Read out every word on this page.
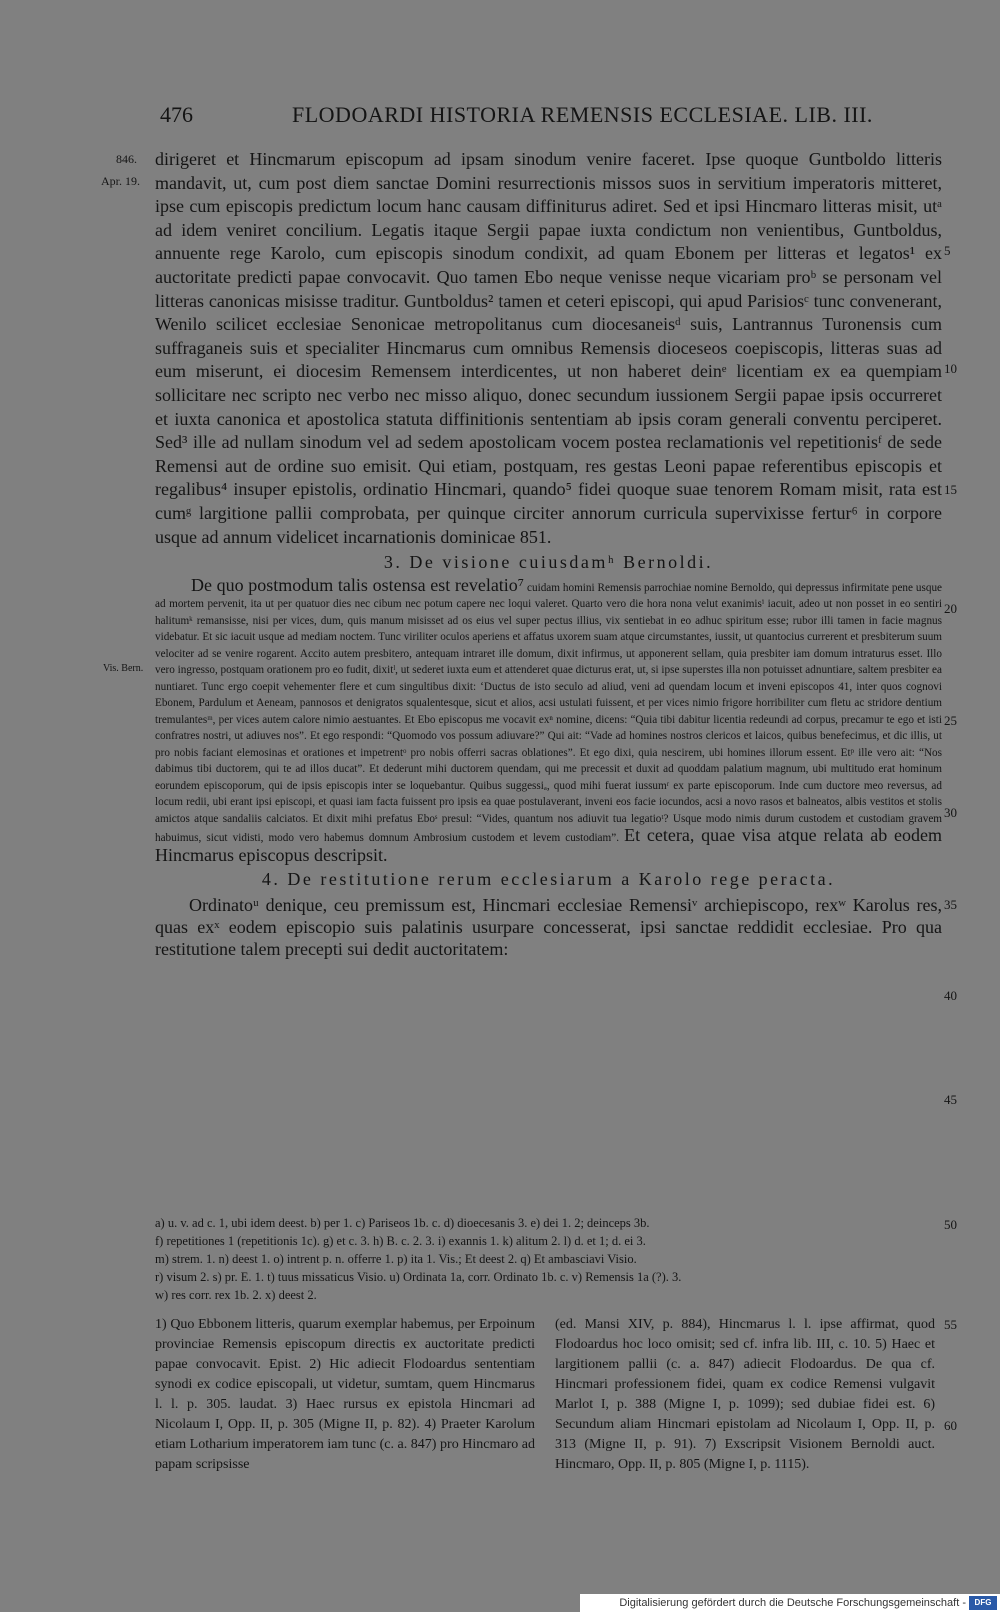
476	FLODOARDI HISTORIA REMENSIS ECCLESIAE. LIB. III.
846.
Apr. 19.
Vis. Bern.
5
10
15
20
25
30
35
40
45
50
55
60

dirigeret et Hincmarum episcopum ad ipsam sinodum venire faceret. Ipse quoque Guntboldo litteris mandavit, ut, cum post diem sanctae Domini resurrectionis missos suos in servitium imperatoris mitteret, ipse cum episcopis predictum locum hanc causam diffiniturus adiret. Sed et ipsi Hincmaro litteras misit, utᵃ ad idem veniret concilium. Legatis itaque Sergii papae iuxta condictum non venientibus, Guntboldus, annuente rege Karolo, cum episcopis sinodum condixit, ad quam Ebonem per litteras et legatos¹ ex auctoritate predicti papae convocavit. Quo tamen Ebo neque venisse neque vicariam proᵇ se personam vel litteras canonicas misisse traditur. Guntboldus² tamen et ceteri episcopi, qui apud Parisiosᶜ tunc convenerant, Wenilo scilicet ecclesiae Senonicae metropolitanus cum diocesaneisᵈ suis, Lantrannus Turonensis cum suffraganeis suis et specialiter Hincmarus cum omnibus Remensis dioceseos coepiscopis, litteras suas ad eum miserunt, ei diocesim Remensem interdicentes, ut non haberet deinᵉ licentiam ex ea quempiam sollicitare nec scripto nec verbo nec misso aliquo, donec secundum iussionem Sergii papae ipsis occurreret et iuxta canonica et apostolica statuta diffinitionis sententiam ab ipsis coram generali conventu perciperet. Sed³ ille ad nullam sinodum vel ad sedem apostolicam vocem postea reclamationis vel repetitionisᶠ de sede Remensi aut de ordine suo emisit. Qui etiam, postquam, res gestas Leoni papae referentibus episcopis et regalibus⁴ insuper epistolis, ordinatio Hincmari, quando⁵ fidei quoque suae tenorem Romam misit, rata est cumᵍ largitione pallii comprobata, per quinque circiter annorum curricula supervixisse fertur⁶ in corpore usque ad annum videlicet incarnationis dominicae 851.

3. De visione cuiusdamʰ Bernoldi.

De quo postmodum talis ostensa est revelatio⁷ cuidam homini Remensis parrochiae nomine Bernoldo, qui depressus infirmitate pene usque ad mortem pervenit, ita ut per quatuor dies nec cibum nec potum capere nec loqui valeret. Quarto vero die hora nona velut exanimisⁱ iacuit, adeo ut non posset in eo sentiri halitumᵏ remansisse, nisi per vices, dum, quis manum misisset ad os eius vel super pectus illius, vix sentiebat in eo adhuc spiritum esse; rubor illi tamen in facie magnus videbatur. Et sic iacuit usque ad mediam noctem. Tunc viriliter oculos aperiens et affatus uxorem suam atque circumstantes, iussit, ut quantocius currerent et presbiterum suum velociter ad se venire rogarent. Accito autem presbitero, antequam intraret ille domum, dixit infirmus, ut apponerent sellam, quia presbiter iam domum intraturus esset. Illo vero ingresso, postquam orationem pro eo fudit, dixitˡ, ut sederet iuxta eum et attenderet quae dicturus erat, ut, si ipse superstes illa non potuisset adnuntiare, saltem presbiter ea nuntiaret. Tunc ergo coepit vehementer flere et cum singultibus dixit: ‘Ductus de isto seculo ad aliud, veni ad quendam locum et inveni episcopos 41, inter quos cognovi Ebonem, Pardulum et Aeneam, pannosos et denigratos squalentesque, sicut et alios, acsi ustulati fuissent, et per vices nimio frigore horribiliter cum fletu ac stridore dentium tremulantesᵐ, per vices autem calore nimio aestuantes. Et Ebo episcopus me vocavit exⁿ nomine, dicens: “Quia tibi dabitur licentia redeundi ad corpus, precamur te ego et isti confratres nostri, ut adiuves nos”. Et ego respondi: “Quomodo vos possum adiuvare?” Qui ait: “Vade ad homines nostros clericos et laicos, quibus benefecimus, et dic illis, ut pro nobis faciant elemosinas et orationes et impetrentᵒ pro nobis offerri sacras oblationes”. Et ego dixi, quia nescirem, ubi homines illorum essent. Etᵖ ille vero ait: “Nos dabimus tibi ductorem, qui te ad illos ducat”. Et dederunt mihi ductorem quendam, qui me precessit et duxit ad quoddam palatium magnum, ubi multitudo erat hominum eorundem episcoporum, qui de ipsis episcopis inter se loquebantur. Quibus suggessiₐ, quod mihi fuerat iussumʳ ex parte episcoporum. Inde cum ductore meo reversus, ad locum redii, ubi erant ipsi episcopi, et quasi iam facta fuissent pro ipsis ea quae postulaverant, inveni eos facie iocundos, acsi a novo rasos et balneatos, albis vestitos et stolis amictos atque sandaliis calciatos. Et dixit mihi prefatus Eboˢ presul: “Vides, quantum nos adiuvit tua legatioᵗ? Usque modo nimis durum custodem et custodiam gravem habuimus, sicut vidisti, modo vero habemus domnum Ambrosium custodem et levem custodiam”. Et cetera, quae visa atque relata ab eodem Hincmarus episcopus descripsit.

4. De restitutione rerum ecclesiarum a Karolo rege peracta.

Ordinatoᵘ denique, ceu premissum est, Hincmari ecclesiae Remensiᵛ archiepiscopo, rexʷ Karolus res, quas exˣ eodem episcopio suis palatinis usurpare concesserat, ipsi sanctae reddidit ecclesiae. Pro qua restitutione talem precepti sui dedit auctoritatem:

a) u. v. ad c. 1, ubi idem deest. b) per 1. c) Pariseos 1b. c. d) dioecesanis 3. e) dei 1. 2; deinceps 3b.
f) repetitiones 1 (repetitionis 1c). g) et c. 3. h) B. c. 2. 3. i) exannis 1. k) alitum 2. l) d. et 1; d. ei 3.
m) strem. 1. n) deest 1. o) intrent p. n. offerre 1. p) ita 1. Vis.; Et deest 2. q) Et ambasciavi Visio.
r) visum 2. s) pr. E. 1. t) tuus missaticus Visio. u) Ordinata 1a, corr. Ordinato 1b. c. v) Remensis 1a (?). 3.
w) res corr. rex 1b. 2. x) deest 2.

1) Quo Ebbonem litteris, quarum exemplar habemus, per Erpoinum provinciae Remensis episcopum directis ex auctoritate predicti papae convocavit. Epist. 2) Hic adiecit Flodoardus sententiam synodi ex codice episcopali, ut videtur, sumtam, quem Hincmarus l. l. p. 305. laudat. 3) Haec rursus ex epistola Hincmari ad Nicolaum I, Opp. II, p. 305 (Migne II, p. 82). 4) Praeter Karolum etiam Lotharium imperatorem iam tunc (c. a. 847) pro Hincmaro ad papam scripsisse

(ed. Mansi XIV, p. 884), Hincmarus l. l. ipse affirmat, quod Flodoardus hoc loco omisit; sed cf. infra lib. III, c. 10. 5) Haec et largitionem pallii (c. a. 847) adiecit Flodoardus. De qua cf. Hincmari professionem fidei, quam ex codice Remensi vulgavit Marlot I, p. 388 (Migne I, p. 1099); sed dubiae fidei est. 6) Secundum aliam Hincmari epistolam ad Nicolaum I, Opp. II, p. 313 (Migne II, p. 91). 7) Exscripsit Visionem Bernoldi auct. Hincmaro, Opp. II, p. 805 (Migne I, p. 1115).

Digitalisierung gefördert durch die Deutsche Forschungsgemeinschaft -	DFG
